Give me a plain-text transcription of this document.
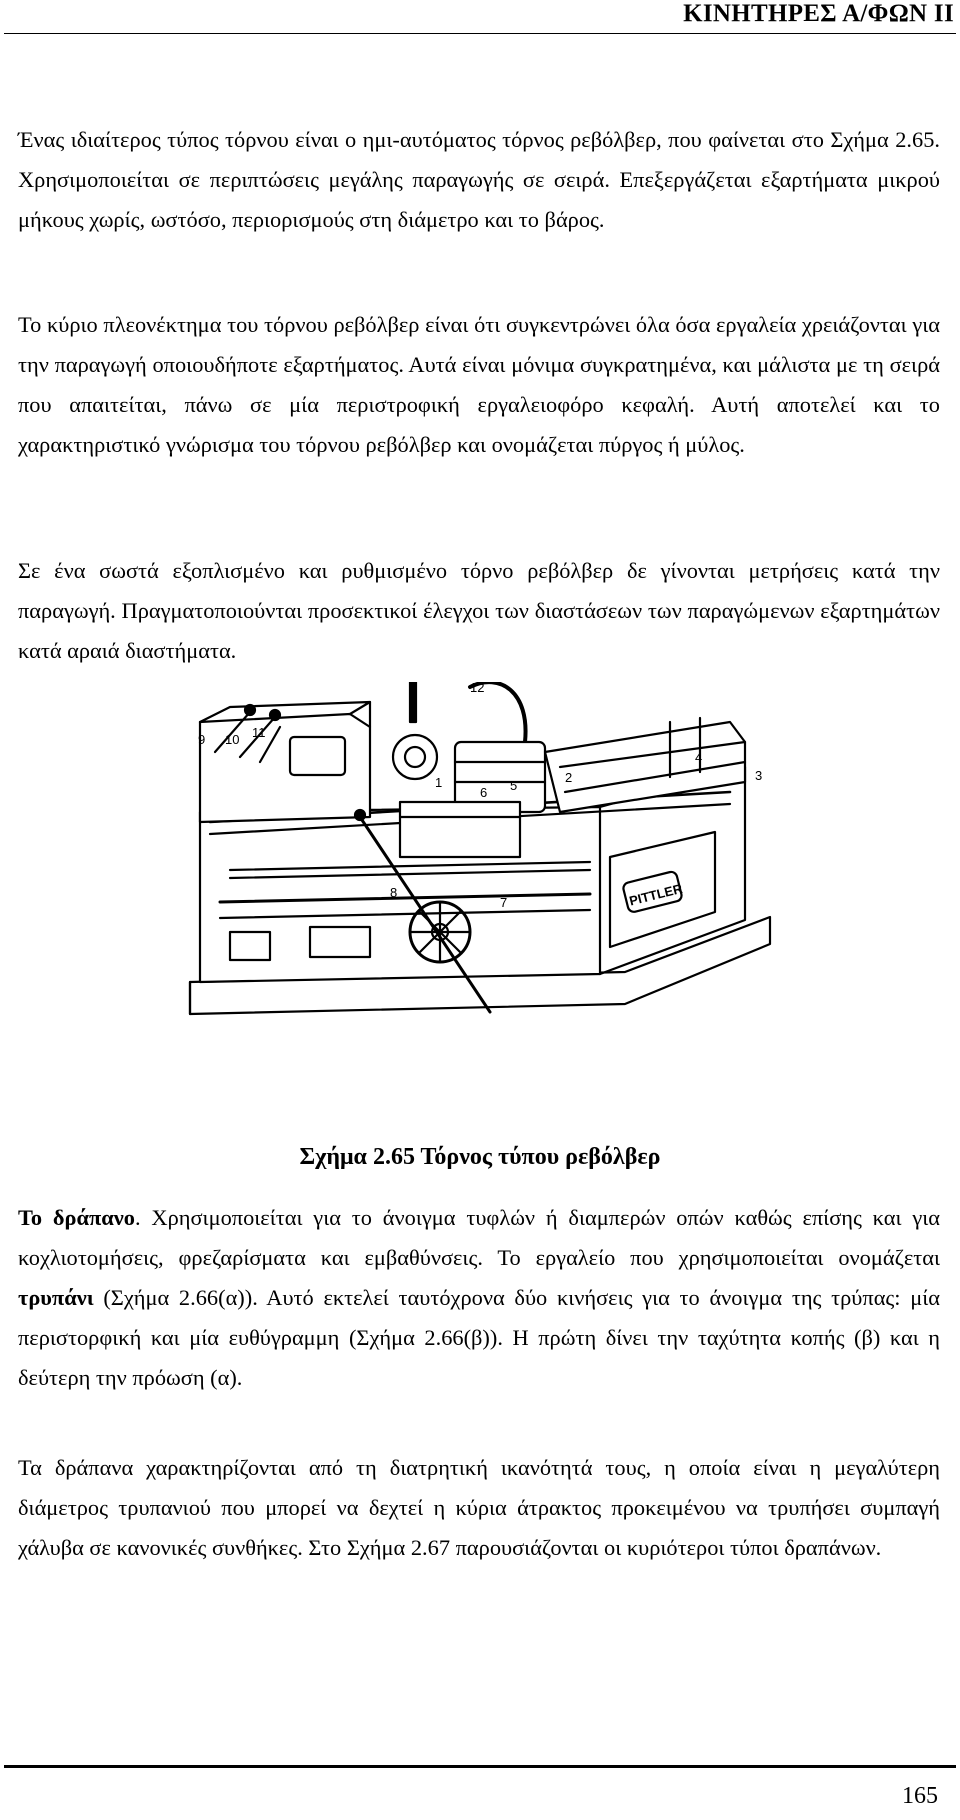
ΚΙΝΗΤΗΡΕΣ Α/ΦΩΝ ΙΙ

Ένας ιδιαίτερος τύπος τόρνου είναι ο ημι-αυτόματος τόρνος ρεβόλβερ, που φαίνεται στο Σχήμα 2.65. Χρησιμοποιείται σε περιπτώσεις μεγάλης παραγωγής σε σειρά. Επεξεργάζεται εξαρτήματα μικρού μήκους χωρίς, ωστόσο, περιορισμούς στη διάμετρο και το βάρος.

Το κύριο πλεονέκτημα του τόρνου ρεβόλβερ είναι ότι συγκεντρώνει όλα όσα εργαλεία χρειάζονται για την παραγωγή οποιουδήποτε εξαρτήματος. Αυτά είναι μόνιμα συγκρατημένα, και μάλιστα με τη σειρά που απαιτείται, πάνω σε μία περιστροφική εργαλειοφόρο κεφαλή. Αυτή αποτελεί και το χαρακτηριστικό γνώρισμα του τόρνου ρεβόλβερ και ονομάζεται πύργος ή μύλος.

Σε ένα σωστά εξοπλισμένο και ρυθμισμένο τόρνο ρεβόλβερ δε γίνονται μετρήσεις κατά την παραγωγή. Πραγματοποιούνται προσεκτικοί έλεγχοι των διαστάσεων των παραγώμενων εξαρτημάτων κατά αραιά διαστήματα.

PITTLER
1	2	3
4
5
6
7
8
9 10 11
12
Σχήμα 2.65 Τόρνος τύπου ρεβόλβερ

Το δράπανο. Χρησιμοποιείται για το άνοιγμα τυφλών ή διαμπερών οπών καθώς επίσης και για κοχλιοτομήσεις, φρεζαρίσματα και εμβαθύνσεις. Το εργαλείο που χρησιμοποιείται ονομάζεται τρυπάνι (Σχήμα 2.66(α)). Αυτό εκτελεί ταυτόχρονα δύο κινήσεις για το άνοιγμα της τρύπας: μία περιστορφική και μία ευθύγραμμη (Σχήμα 2.66(β)). Η πρώτη δίνει την ταχύτητα κοπής (β) και η δεύτερη την πρόωση (α).

Τα δράπανα χαρακτηρίζονται από τη διατρητική ικανότητά τους, η οποία είναι η μεγαλύτερη διάμετρος τρυπανιού που μπορεί να δεχτεί η κύρια άτρακτος προκειμένου να τρυπήσει συμπαγή χάλυβα σε κανονικές συνθήκες. Στο Σχήμα 2.67 παρουσιάζονται οι κυριότεροι τύποι δραπάνων.

165
